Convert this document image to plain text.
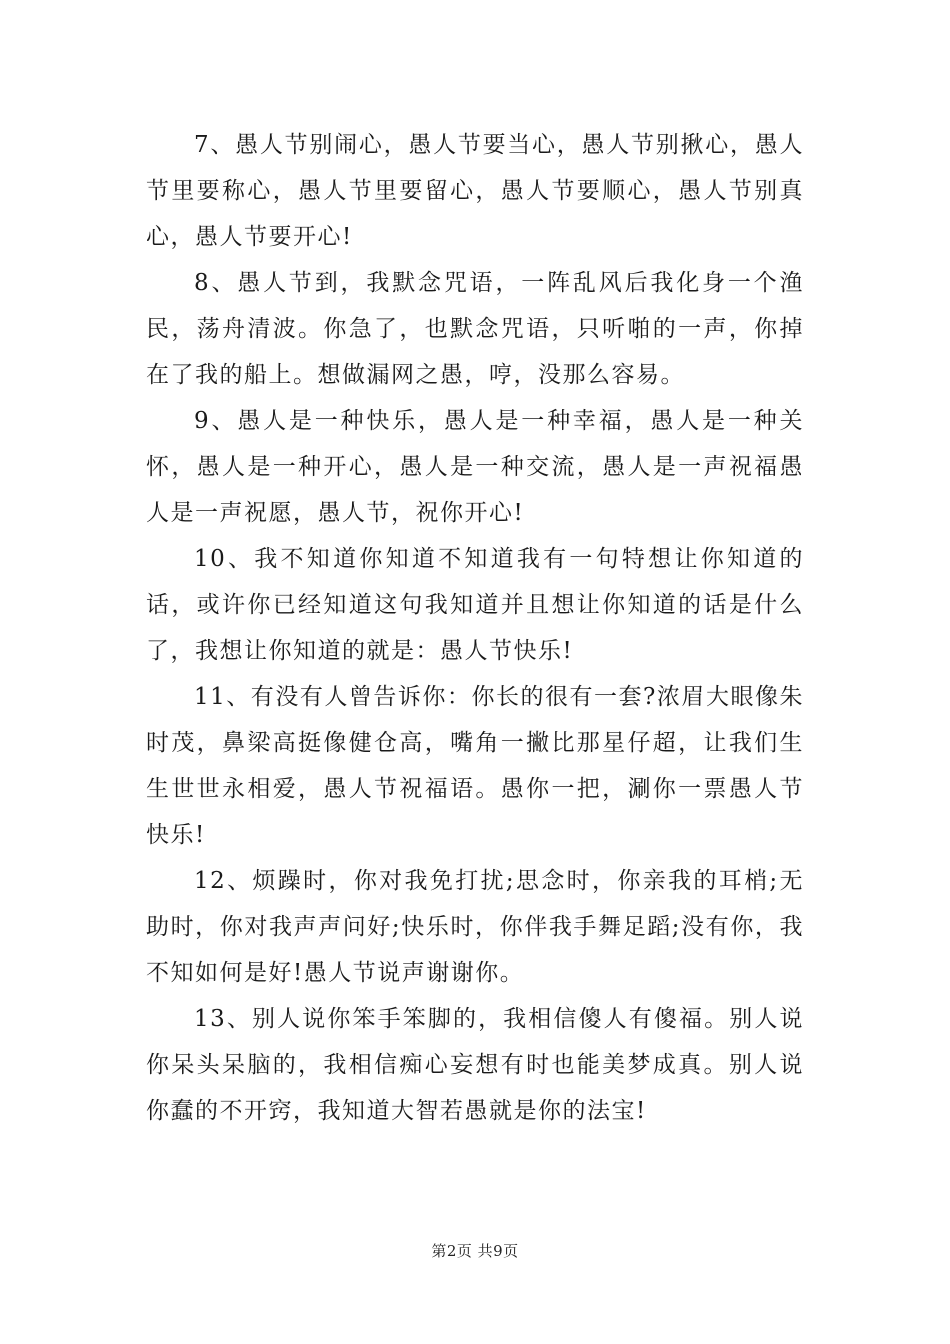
7、愚人节别闹心，愚人节要当心，愚人节别揪心，愚人节里要称心，愚人节里要留心，愚人节要顺心，愚人节别真心，愚人节要开心!

8、愚人节到，我默念咒语，一阵乱风后我化身一个渔民，荡舟清波。你急了，也默念咒语，只听啪的一声，你掉在了我的船上。想做漏网之愚，哼，没那么容易。

9、愚人是一种快乐，愚人是一种幸福，愚人是一种关怀，愚人是一种开心，愚人是一种交流，愚人是一声祝福愚人是一声祝愿，愚人节，祝你开心!

10、我不知道你知道不知道我有一句特想让你知道的话，或许你已经知道这句我知道并且想让你知道的话是什么了，我想让你知道的就是：愚人节快乐!

11、有没有人曾告诉你：你长的很有一套?浓眉大眼像朱时茂，鼻梁高挺像健仓高，嘴角一撇比那星仔超，让我们生生世世永相爱，愚人节祝福语。愚你一把，涮你一票愚人节快乐!

12、烦躁时，你对我免打扰;思念时，你亲我的耳梢;无助时，你对我声声问好;快乐时，你伴我手舞足蹈;没有你，我不知如何是好!愚人节说声谢谢你。

13、别人说你笨手笨脚的，我相信傻人有傻福。别人说你呆头呆脑的，我相信痴心妄想有时也能美梦成真。别人说你蠢的不开窍，我知道大智若愚就是你的法宝!

第2页 共9页
